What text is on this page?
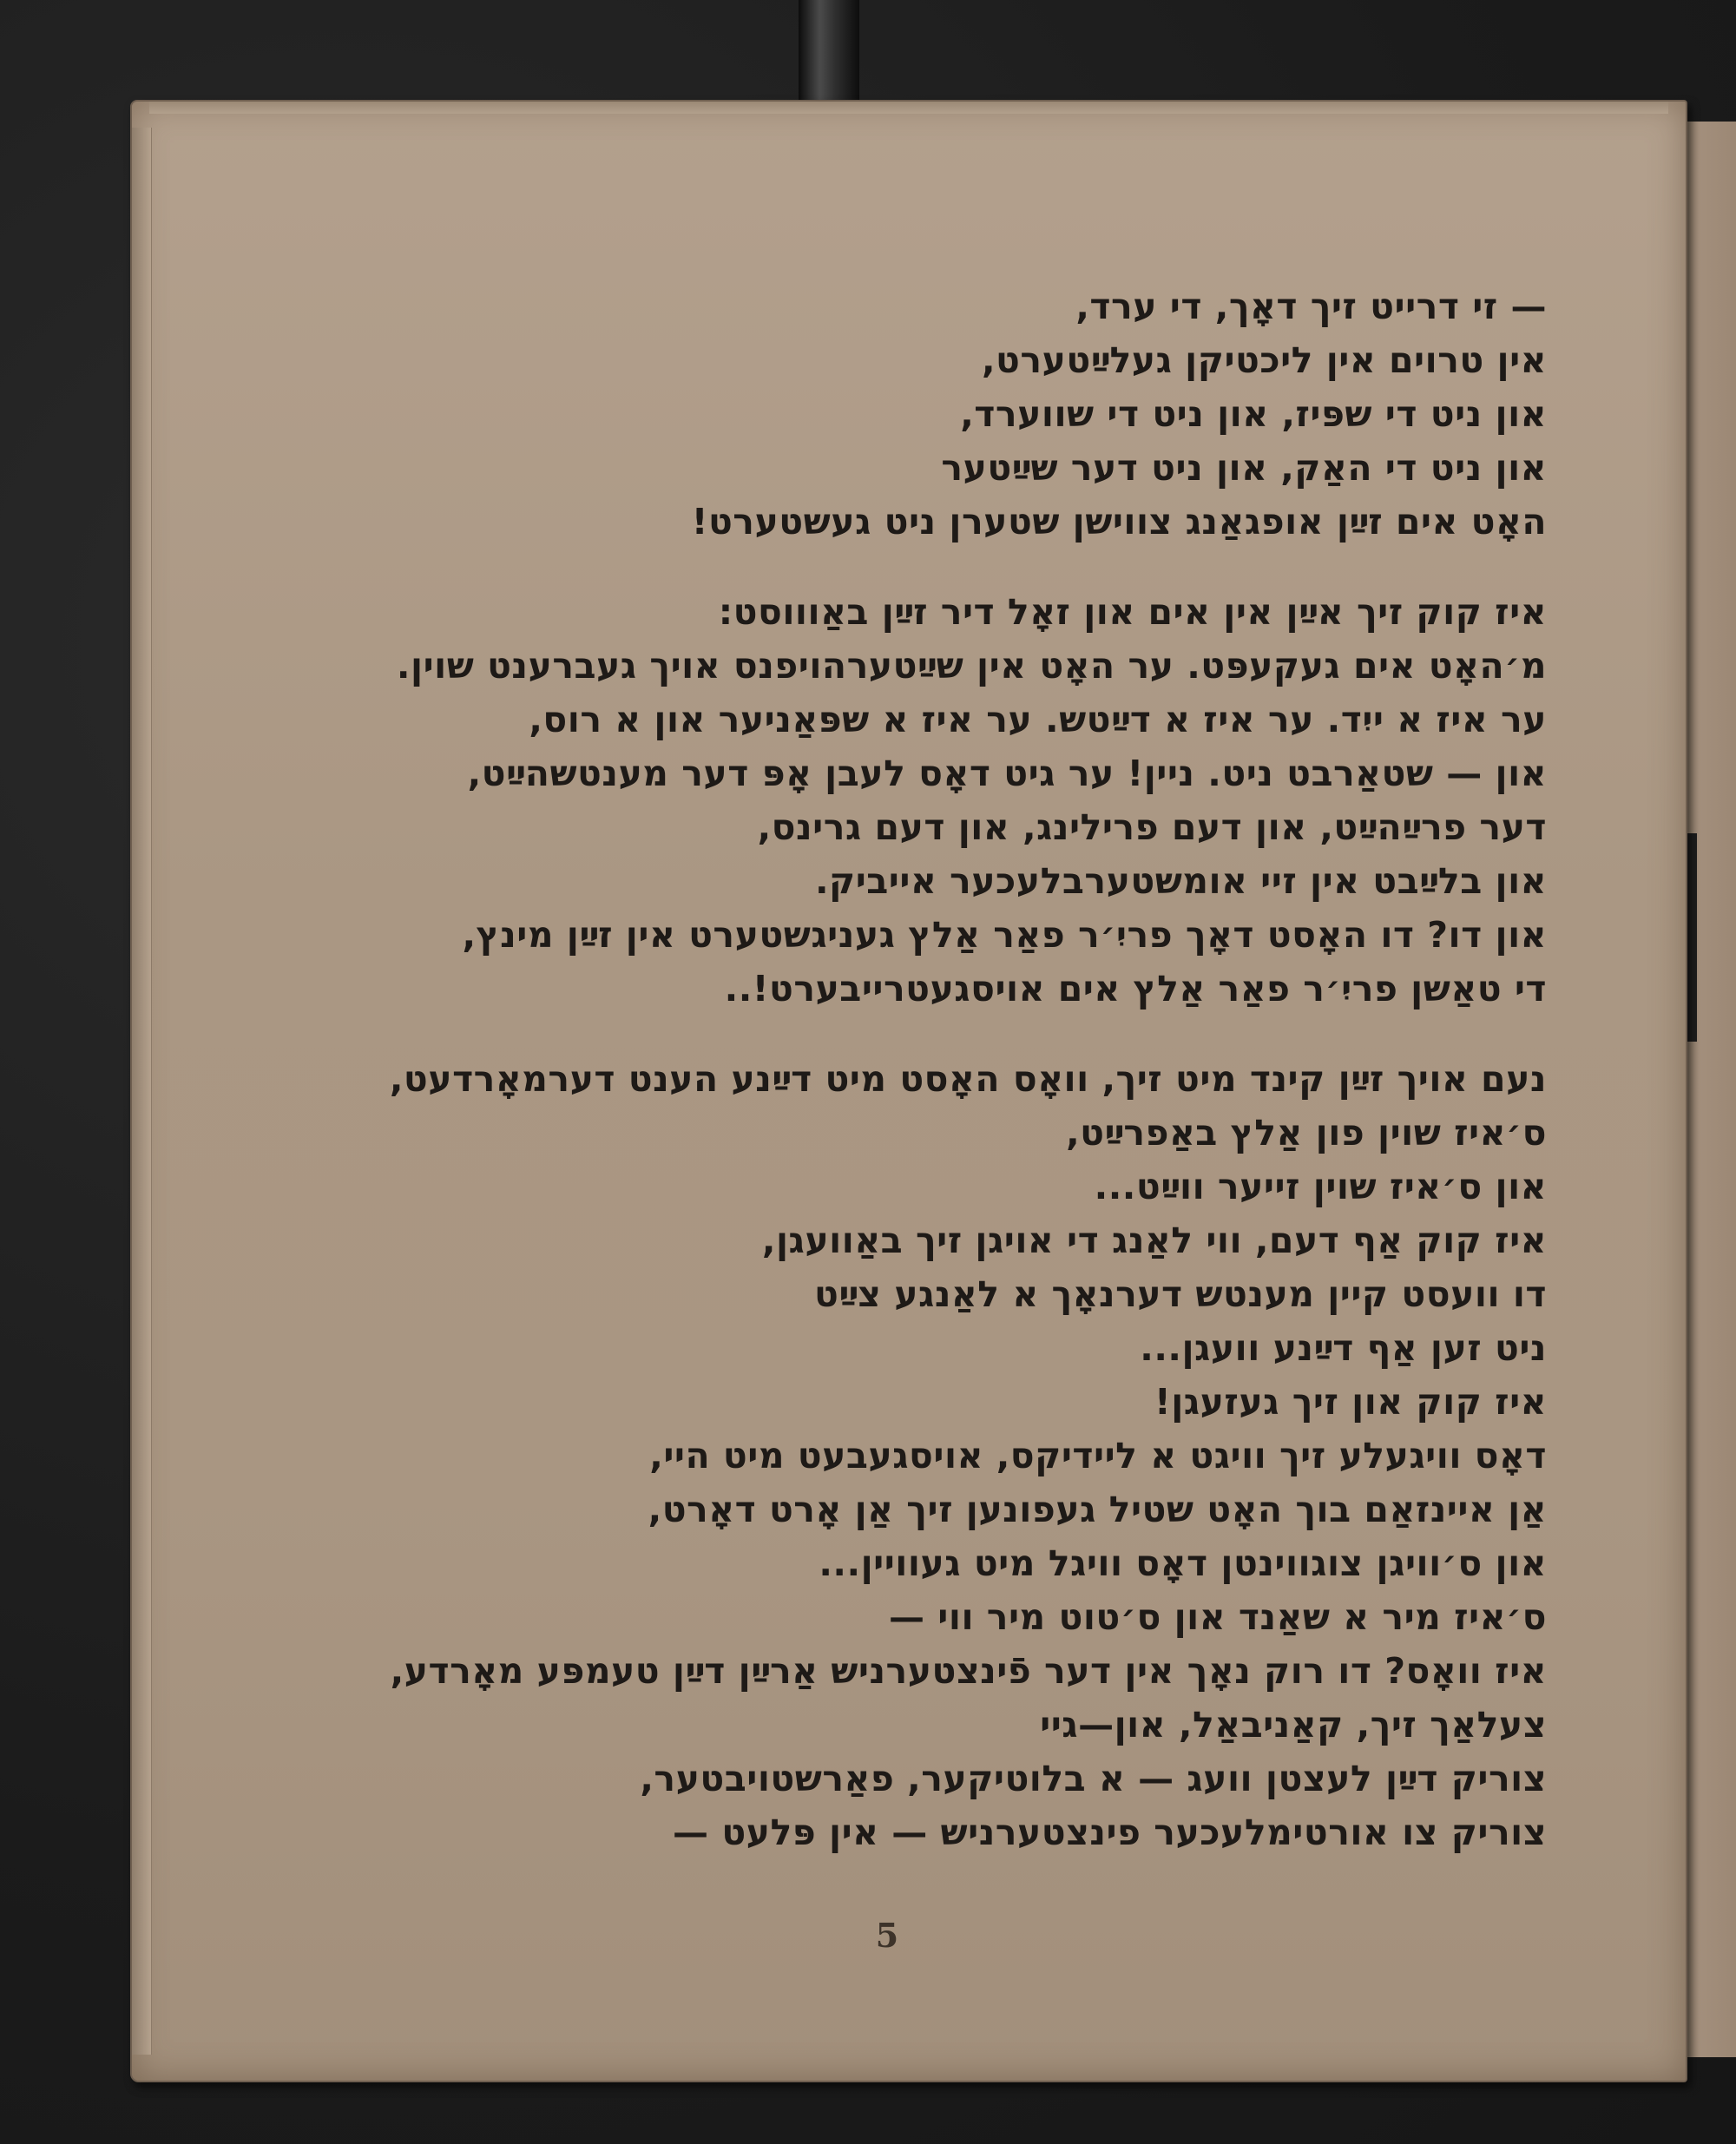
— זי דרייט זיך דאָך, די ערד,
אין טרוים אין ליכטיקן געלײַטערט,
און ניט די שפּיז, און ניט די שווערד,
און ניט די האַק, און ניט דער שײַטער
האָט אים זײַן אופגאַנג צווישן שטערן ניט געשטערט!
איז קוק זיך אײַן אין אים און זאָל דיר זײַן באַוווסט:
מ׳האָט אים געקעפּט. ער האָט אין שײַטערהויפנס אויך געברענט שוין.
ער איז א ייִד. ער איז א דײַטש. ער איז א שפּאַניער און א רוס,
און — שטאַרבט ניט. ניין! ער גיט דאָס לעבן אָפּ דער מענטשהײַט,
דער פרײַהײַט, און דעם פרילינג, און דעם גרינס,
און בלײַבט אין זיי אומשטערבלעכער אייביק.
און דו? דו האָסט דאָך פריִ׳ר פאַר אַלץ געניגשטערט אין זײַן מינץ,
די טאַשן פריִ׳ר פאַר אַלץ אים אויסגעטרייבערט!..
נעם אויך זײַן קינד מיט זיך, וואָס האָסט מיט דײַנע הענט דערמאָרדעט,
ס׳איז שוין פון אַלץ באַפרײַט,
און ס׳איז שוין זייער ווײַט...
איז קוק אַף דעם, ווי לאַנג די אויגן זיך באַוועגן,
דו וועסט קיין מענטש דערנאָך א לאַנגע צײַט
ניט זען אַף דײַנע וועגן...
איז קוק און זיך געזעגן!
דאָס וויגעלע זיך וויגט א ליידיקס, אויסגעבעט מיט היי,
אַן איינזאַם בוך האָט שטיל געפונען זיך אַן אָרט דאָרט,
און ס׳וויגן צוגווינטן דאָס וויגל מיט געוויין...
ס׳איז מיר א שאַנד און ס׳טוט מיר ווי —
איז וואָס? דו רוק נאָך אין דער פֿינצטערניש אַרײַן דײַן טעמפּע מאָרדע,
צעלאַך זיך, קאַניבאַל, און—גיי
צוריק דײַן לעצטן וועג — א בלוטיקער, פאַרשטויבטער,
צוריק צו אורטימלעכער פינצטערניש — אין פּלעט —
5
